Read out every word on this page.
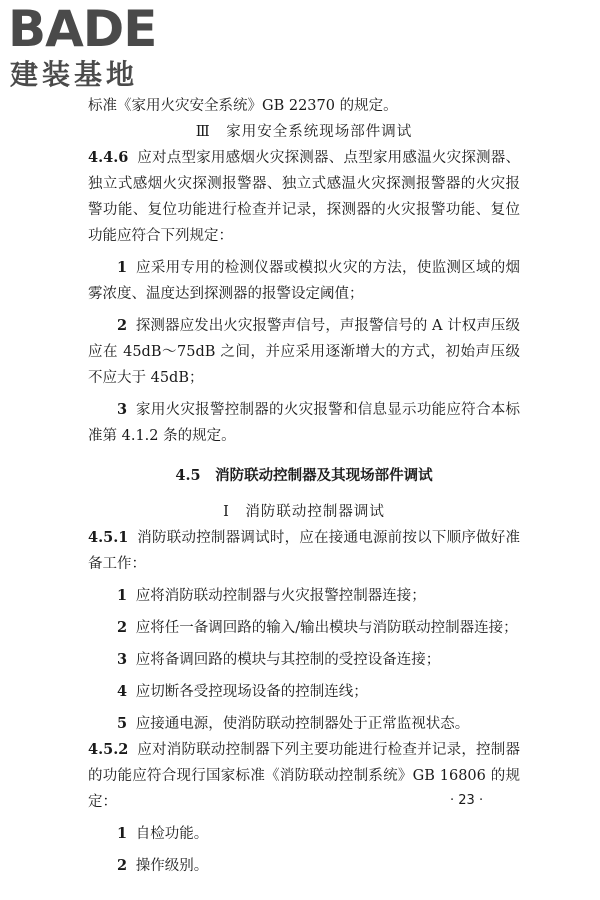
BADE
建装基地

标准《家用火灾安全系统》GB 22370 的规定。

Ⅲ　家用安全系统现场部件调试

4.4.6 应对点型家用感烟火灾探测器、点型家用感温火灾探测器、独立式感烟火灾探测报警器、独立式感温火灾探测报警器的火灾报警功能、复位功能进行检查并记录，探测器的火灾报警功能、复位功能应符合下列规定：

1 应采用专用的检测仪器或模拟火灾的方法，使监测区域的烟雾浓度、温度达到探测器的报警设定阈值；

2 探测器应发出火灾报警声信号，声报警信号的 A 计权声压级应在 45dB～75dB 之间，并应采用逐渐增大的方式，初始声压级不应大于 45dB；

3 家用火灾报警控制器的火灾报警和信息显示功能应符合本标准第 4.1.2 条的规定。

4.5　消防联动控制器及其现场部件调试

Ⅰ　消防联动控制器调试

4.5.1 消防联动控制器调试时，应在接通电源前按以下顺序做好准备工作：

1 应将消防联动控制器与火灾报警控制器连接；

2 应将任一备调回路的输入/输出模块与消防联动控制器连接；

3 应将备调回路的模块与其控制的受控设备连接；

4 应切断各受控现场设备的控制连线；

5 应接通电源，使消防联动控制器处于正常监视状态。

4.5.2 应对消防联动控制器下列主要功能进行检查并记录，控制器的功能应符合现行国家标准《消防联动控制系统》GB 16806 的规定：

1 自检功能。

2 操作级别。

· 23 ·
